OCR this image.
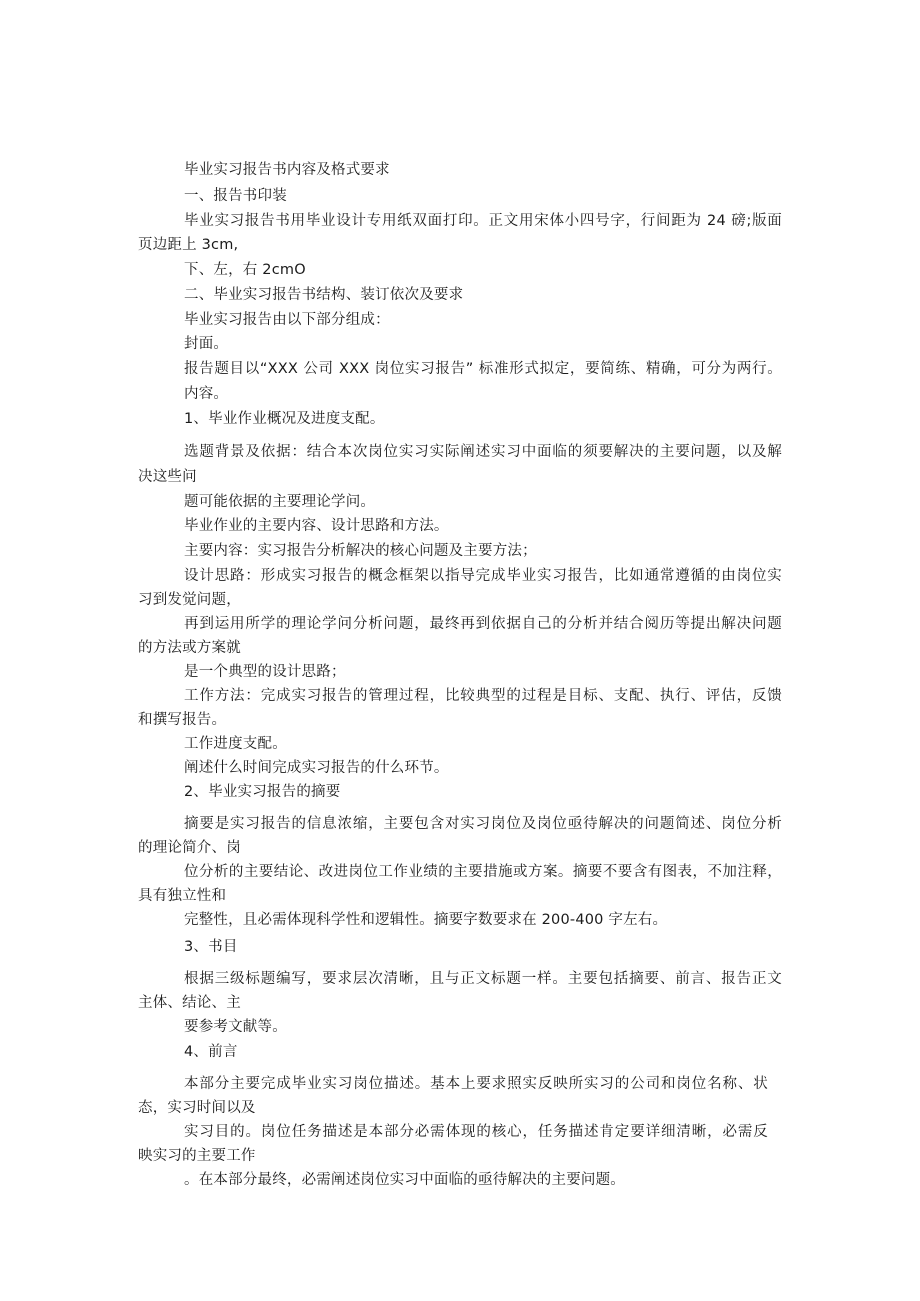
毕业实习报告书内容及格式要求
一、报告书印装
毕业实习报告书用毕业设计专用纸双面打印。正文用宋体小四号字，行间距为 24 磅;版面
页边距上 3cm,
下、左，右 2cmO
二、毕业实习报告书结构、装订依次及要求
毕业实习报告由以下部分组成：
封面。
报告题目以“XXX 公司 XXX 岗位实习报告” 标准形式拟定，要简练、精确，可分为两行。
内容。
1、毕业作业概况及进度支配。
选题背景及依据：结合本次岗位实习实际阐述实习中面临的须要解决的主要问题，以及解
决这些问
题可能依据的主要理论学问。
毕业作业的主要内容、设计思路和方法。
主要内容：实习报告分析解决的核心问题及主要方法；
设计思路：形成实习报告的概念框架以指导完成毕业实习报告，比如通常遵循的由岗位实
习到发觉问题，
再到运用所学的理论学问分析问题，最终再到依据自己的分析并结合阅历等提出解决问题
的方法或方案就
是一个典型的设计思路；
工作方法：完成实习报告的管理过程，比较典型的过程是目标、支配、执行、评估，反馈
和撰写报告。
工作进度支配。
阐述什么时间完成实习报告的什么环节。
2、毕业实习报告的摘要
摘要是实习报告的信息浓缩，主要包含对实习岗位及岗位亟待解决的问题简述、岗位分析
的理论简介、岗
位分析的主要结论、改进岗位工作业绩的主要措施或方案。摘要不要含有图表，不加注释，
具有独立性和
完整性，且必需体现科学性和逻辑性。摘要字数要求在 200-400 字左右。
3、书目
根据三级标题编写，要求层次清晰，且与正文标题一样。主要包括摘要、前言、报告正文
主体、结论、主
要参考文献等。
4、前言
本部分主要完成毕业实习岗位描述。基本上要求照实反映所实习的公司和岗位名称、状
态，实习时间以及
实习目的。岗位任务描述是本部分必需体现的核心，任务描述肯定要详细清晰，必需反
映实习的主要工作
。在本部分最终，必需阐述岗位实习中面临的亟待解决的主要问题。
